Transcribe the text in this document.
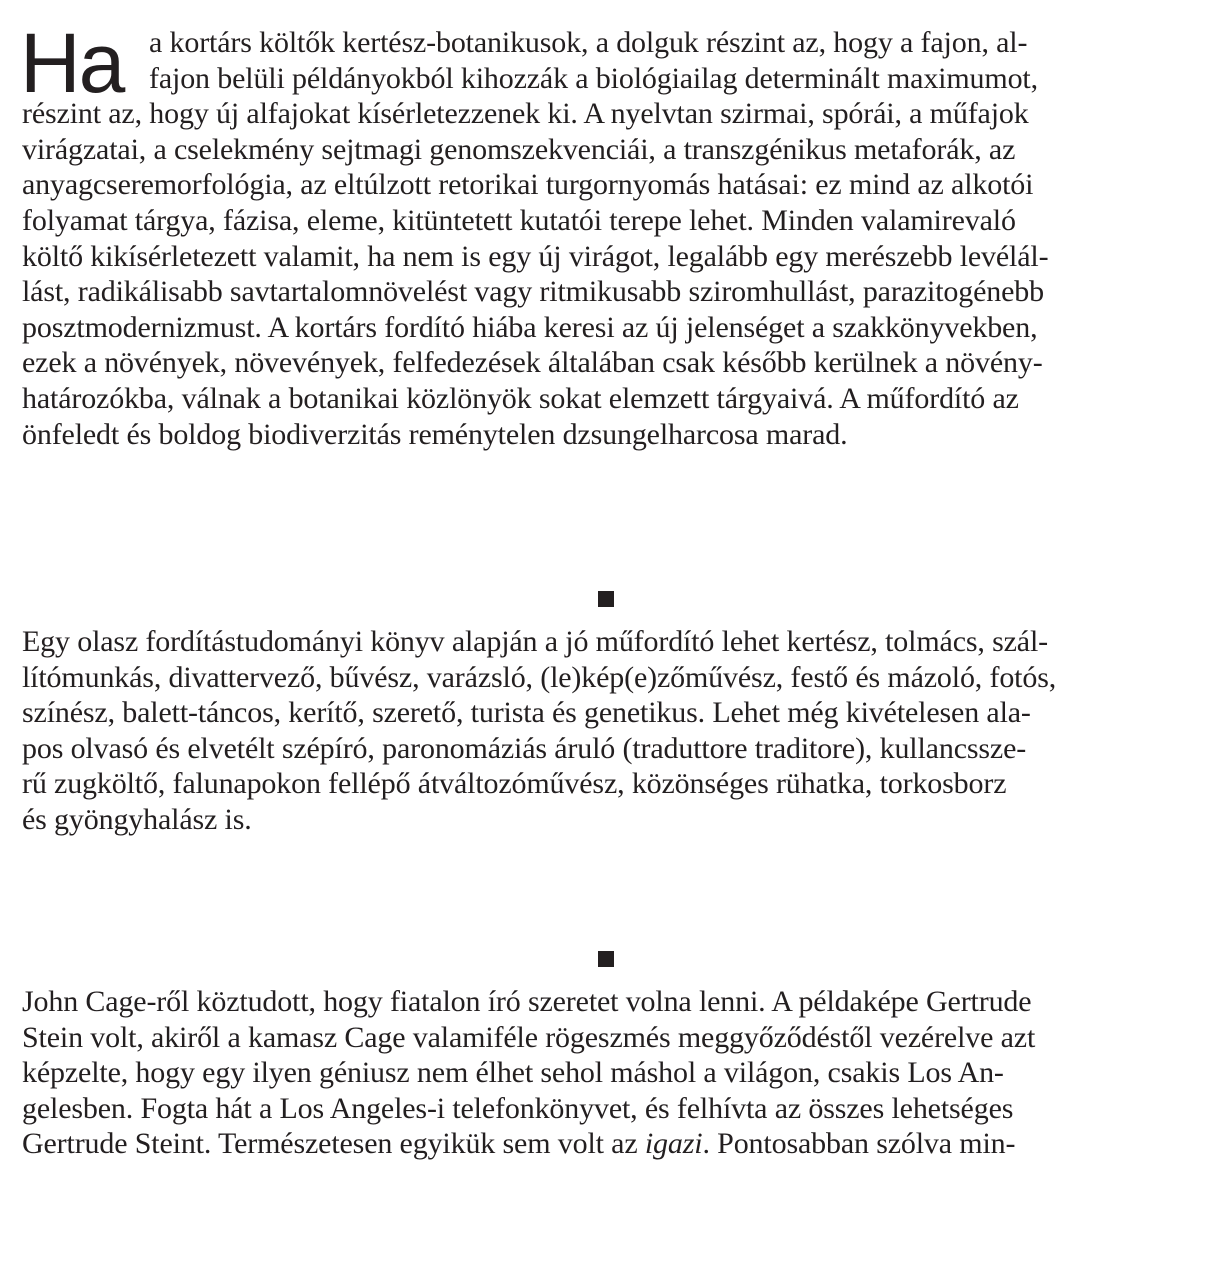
Ha a kortárs költők kertész-botanikusok, a dolguk részint az, hogy a fajon, al-
fajon belüli példányokból kihozzák a biológiailag determinált maximumot,
részint az, hogy új alfajokat kísérletezzenek ki. A nyelvtan szirmai, spórái, a műfajok
virágzatai, a cselekmény sejtmagi genomszekvenciái, a transzgénikus metaforák, az
anyagcseremorfológia, az eltúlzott retorikai turgornyomás hatásai: ez mind az alkotói
folyamat tárgya, fázisa, eleme, kitüntetett kutatói terepe lehet. Minden valamirevaló
költő kikísérletezett valamit, ha nem is egy új virágot, legalább egy merészebb levélál-
lást, radikálisabb savtartalomnövelést vagy ritmikusabb sziromhullást, parazitogénebb
posztmodernizmust. A kortárs fordító hiába keresi az új jelenséget a szakkönyvekben,
ezek a növények, növevények, felfedezések általában csak később kerülnek a növény-
határozókba, válnak a botanikai közlönyök sokat elemzett tárgyaivá. A műfordító az
önfeledt és boldog biodiverzitás reménytelen dzsungelharcosa marad.
Egy olasz fordítástudományi könyv alapján a jó műfordító lehet kertész, tolmács, szál-
lítómunkás, divattervező, bűvész, varázsló, (le)kép(e)zőművész, festő és mázoló, fotós,
színész, balett-táncos, kerítő, szerető, turista és genetikus. Lehet még kivételesen ala-
pos olvasó és elvetélt szépíró, paronomáziás áruló (traduttore traditore), kullancssze-
rű zugköltő, falunapokon fellépő átváltozóművész, közönséges rühatka, torkosborz
és gyöngyhalász is.
John Cage-ről köztudott, hogy fiatalon író szeretet volna lenni. A példaképe Gertrude
Stein volt, akiről a kamasz Cage valamiféle rögeszmés meggyőződéstől vezérelve azt
képzelte, hogy egy ilyen géniusz nem élhet sehol máshol a világon, csakis Los An-
gelesben. Fogta hát a Los Angeles-i telefonkönyvet, és felhívta az összes lehetséges
Gertrude Steint. Természetesen egyikük sem volt az igazi. Pontosabban szólva min-
